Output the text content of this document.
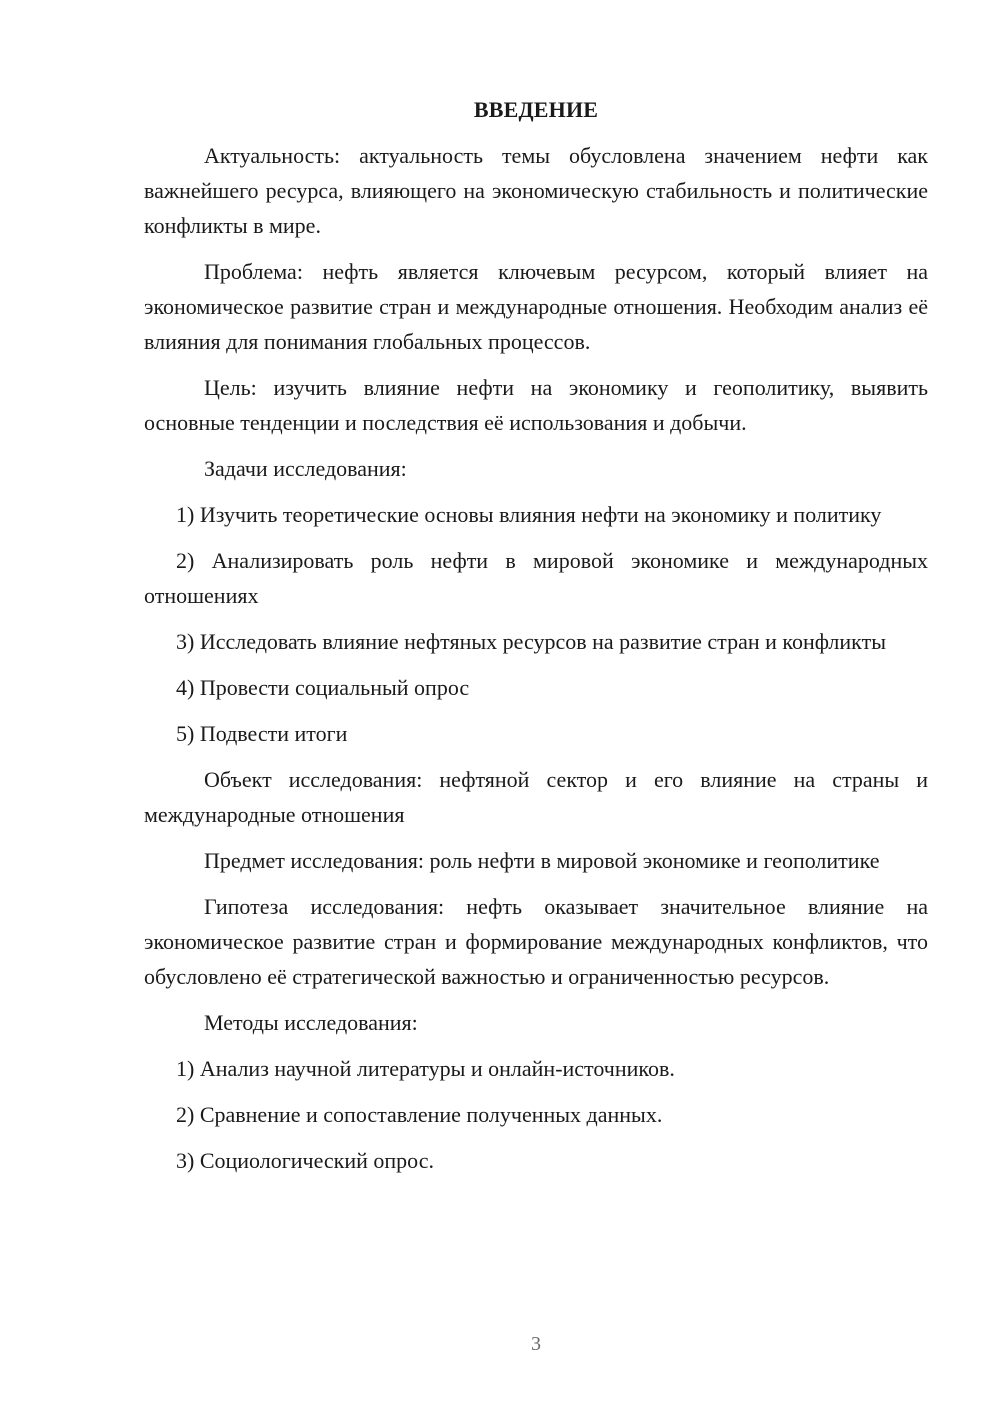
ВВЕДЕНИЕ

Актуальность: актуальность темы обусловлена значением нефти как важнейшего ресурса, влияющего на экономическую стабильность и политические конфликты в мире.

Проблема: нефть является ключевым ресурсом, который влияет на экономическое развитие стран и международные отношения. Необходим анализ её влияния для понимания глобальных процессов.

Цель: изучить влияние нефти на экономику и геополитику, выявить основные тенденции и последствия её использования и добычи.

Задачи исследования:

1) Изучить теоретические основы влияния нефти на экономику и политику

2) Анализировать роль нефти в мировой экономике и международных отношениях

3) Исследовать влияние нефтяных ресурсов на развитие стран и конфликты

4) Провести социальный опрос

5) Подвести итоги

Объект исследования: нефтяной сектор и его влияние на страны и международные отношения

Предмет исследования: роль нефти в мировой экономике и геополитике

Гипотеза исследования: нефть оказывает значительное влияние на экономическое развитие стран и формирование международных конфликтов, что обусловлено её стратегической важностью и ограниченностью ресурсов.

Методы исследования:

1) Анализ научной литературы и онлайн-источников.

2) Сравнение и сопоставление полученных данных.

3) Социологический опрос.

3
